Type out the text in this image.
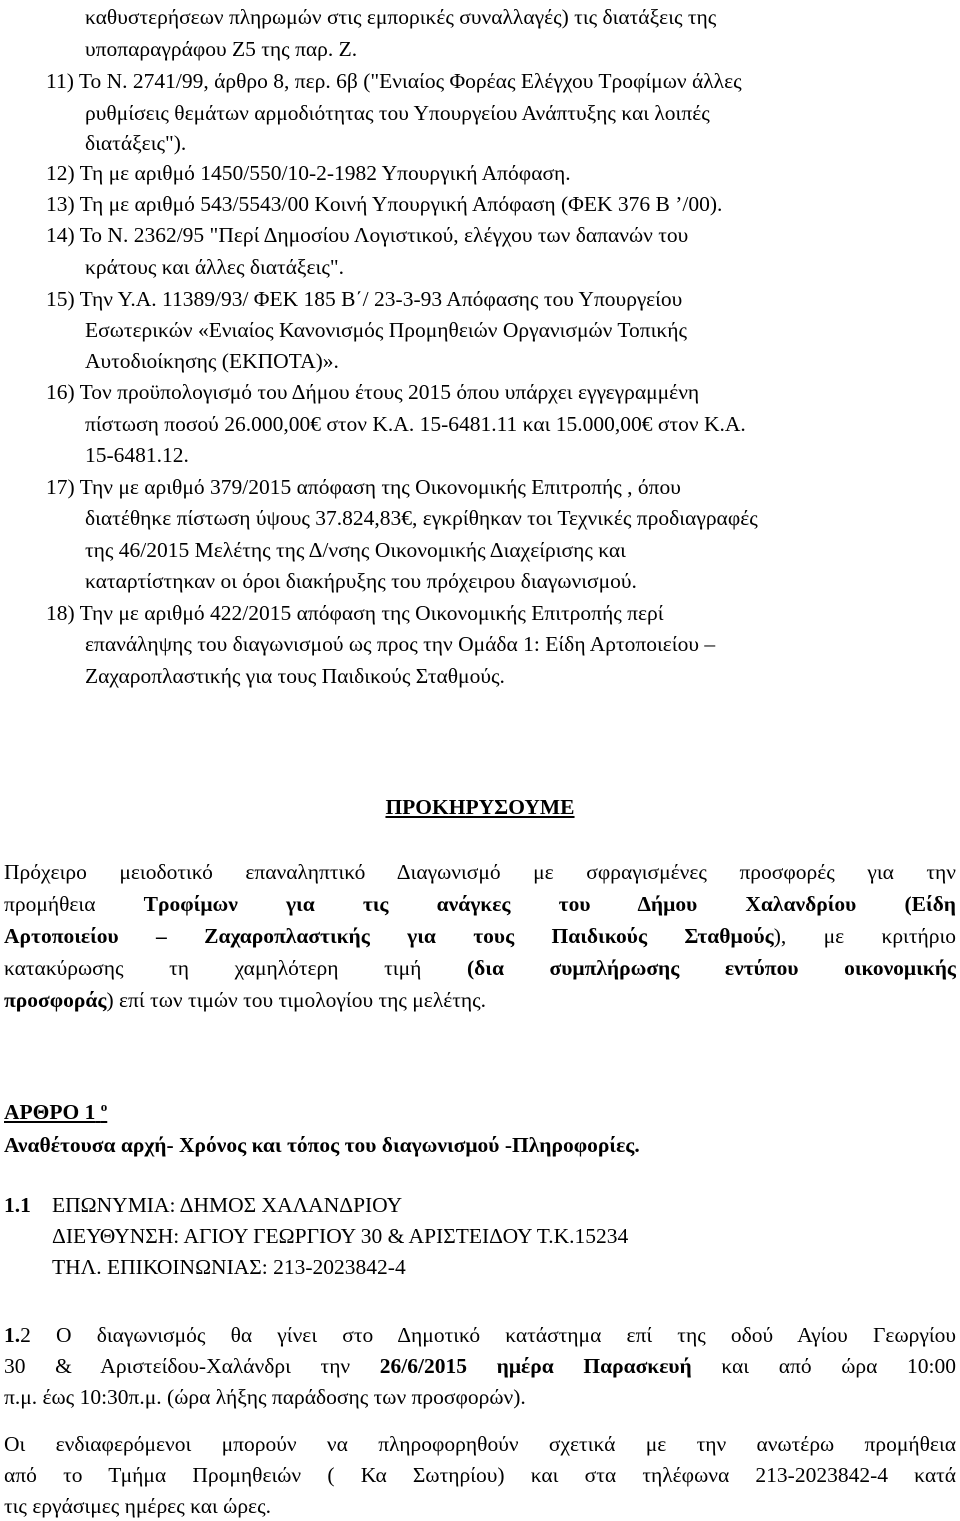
καθυστερήσεων πληρωμών στις εμπορικές συναλλαγές) τις διατάξεις της
υποπαραγράφου Ζ5 της παρ. Ζ.
11) Το Ν. 2741/99, άρθρο 8, περ. 6β ("Ενιαίος Φορέας Ελέγχου Τροφίμων άλλες
ρυθμίσεις θεμάτων αρμοδιότητας του Υπουργείου Ανάπτυξης και λοιπές
διατάξεις").
12) Τη με αριθμό 1450/550/10-2-1982 Υπουργική Απόφαση.
13) Τη με αριθμό 543/5543/00 Κοινή Υπουργική Απόφαση (ΦΕΚ 376 Β ’/00).
14) Το Ν. 2362/95 "Περί Δημοσίου Λογιστικού, ελέγχου των δαπανών του
κράτους και άλλες διατάξεις".
15) Την Υ.Α. 11389/93/ ΦΕΚ 185 Β΄/ 23-3-93 Απόφασης του Υπουργείου
Εσωτερικών «Ενιαίος Κανονισμός Προμηθειών Οργανισμών Τοπικής
Αυτοδιοίκησης (ΕΚΠΟΤΑ)».
16) Τον προϋπολογισμό του Δήμου έτους 2015 όπου υπάρχει εγγεγραμμένη
πίστωση ποσού 26.000,00€ στον Κ.Α. 15-6481.11 και 15.000,00€ στον Κ.Α.
15-6481.12.
17) Την με αριθμό 379/2015 απόφαση της Οικονομικής Επιτροπής , όπου
διατέθηκε πίστωση ύψους 37.824,83€, εγκρίθηκαν τοι Τεχνικές προδιαγραφές
της 46/2015 Μελέτης της Δ/νσης Οικονομικής Διαχείρισης και
καταρτίστηκαν οι όροι διακήρυξης του πρόχειρου διαγωνισμού.
18) Την με αριθμό 422/2015 απόφαση της Οικονομικής Επιτροπής περί
επανάληψης του διαγωνισμού ως προς την Ομάδα 1: Είδη Αρτοποιείου –
Ζαχαροπλαστικής για τους Παιδικούς Σταθμούς.
ΠΡΟΚΗΡΥΣΟΥΜΕ
Πρόχειρο μειοδοτικό επαναληπτικό Διαγωνισμό με σφραγισμένες προσφορές για την
προμήθεια Τροφίμων για τις ανάγκες του Δήμου Χαλανδρίου (Είδη
Αρτοποιείου – Ζαχαροπλαστικής για τους Παιδικούς Σταθμούς), με κριτήριο
κατακύρωσης τη χαμηλότερη τιμή (δια συμπλήρωσης εντύπου οικονομικής
προσφοράς) επί των τιμών του τιμολογίου της μελέτης.
ΑΡΘΡΟ 1 $^o$
Αναθέτουσα αρχή- Χρόνος και τόπος του διαγωνισμού -Πληροφορίες.
1.1 ΕΠΩΝΥΜΙΑ: ΔΗΜΟΣ ΧΑΛΑΝΔΡΙΟΥ
ΔΙΕΥΘΥΝΣΗ: ΑΓΙΟΥ ΓΕΩΡΓΙΟΥ 30 & ΑΡΙΣΤΕΙΔΟΥ Τ.Κ.15234
ΤΗΛ. ΕΠΙΚΟΙΝΩΝΙΑΣ: 213-2023842-4
1.2 Ο διαγωνισμός θα γίνει στο Δημοτικό κατάστημα επί της οδού Αγίου Γεωργίου
30 & Αριστείδου-Χαλάνδρι την 26/6/2015 ημέρα Παρασκευή και από ώρα 10:00
π.μ. έως 10:30π.μ. (ώρα λήξης παράδοσης των προσφορών).
Οι ενδιαφερόμενοι μπορούν να πληροφορηθούν σχετικά με την ανωτέρω προμήθεια
από το Τμήμα Προμηθειών ( Κα Σωτηρίου) και στα τηλέφωνα 213-2023842-4 κατά
τις εργάσιμες ημέρες και ώρες.
